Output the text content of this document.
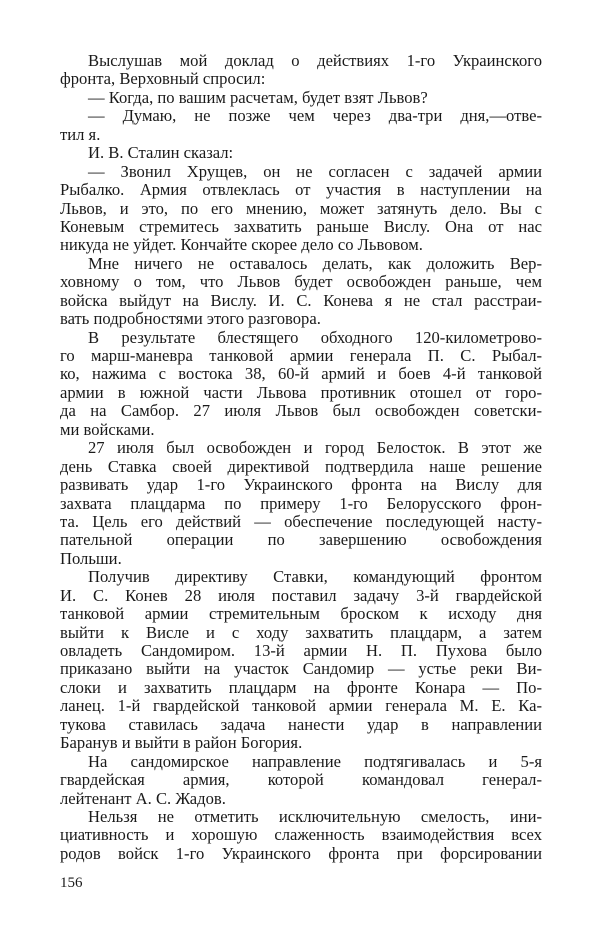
Выслушав мой доклад о действиях 1-го Украинского
фронта, Верховный спросил:
— Когда, по вашим расчетам, будет взят Львов?
— Думаю, не позже чем через два-три дня,—отве-
тил я.
И. В. Сталин сказал:
— Звонил Хрущев, он не согласен с задачей армии
Рыбалко. Армия отвлеклась от участия в наступлении на
Львов, и это, по его мнению, может затянуть дело. Вы с
Коневым стремитесь захватить раньше Вислу. Она от нас
никуда не уйдет. Кончайте скорее дело со Львовом.
Мне ничего не оставалось делать, как доложить Вер-
ховному о том, что Львов будет освобожден раньше, чем
войска выйдут на Вислу. И. С. Конева я не стал расстраи-
вать подробностями этого разговора.
В результате блестящего обходного 120-километрово-
го марш-маневра танковой армии генерала П. С. Рыбал-
ко, нажима с востока 38, 60-й армий и боев 4-й танковой
армии в южной части Львова противник отошел от горо-
да на Самбор. 27 июля Львов был освобожден советски-
ми войсками.
27 июля был освобожден и город Белосток. В этот же
день Ставка своей директивой подтвердила наше решение
развивать удар 1-го Украинского фронта на Вислу для
захвата плацдарма по примеру 1-го Белорусского фрон-
та. Цель его действий — обеспечение последующей насту-
пательной операции по завершению освобождения
Польши.
Получив директиву Ставки, командующий фронтом
И. С. Конев 28 июля поставил задачу 3-й гвардейской
танковой армии стремительным броском к исходу дня
выйти к Висле и с ходу захватить плацдарм, а затем
овладеть Сандомиром. 13-й армии Н. П. Пухова было
приказано выйти на участок Сандомир — устье реки Ви-
слоки и захватить плацдарм на фронте Конара — По-
ланец. 1-й гвардейской танковой армии генерала М. Е. Ка-
тукова ставилась задача нанести удар в направлении
Баранув и выйти в район Богория.
На сандомирское направление подтягивалась и 5-я
гвардейская армия, которой командовал генерал-
лейтенант А. С. Жадов.
Нельзя не отметить исключительную смелость, ини-
циативность и хорошую слаженность взаимодействия всех
родов войск 1-го Украинского фронта при форсировании
156
